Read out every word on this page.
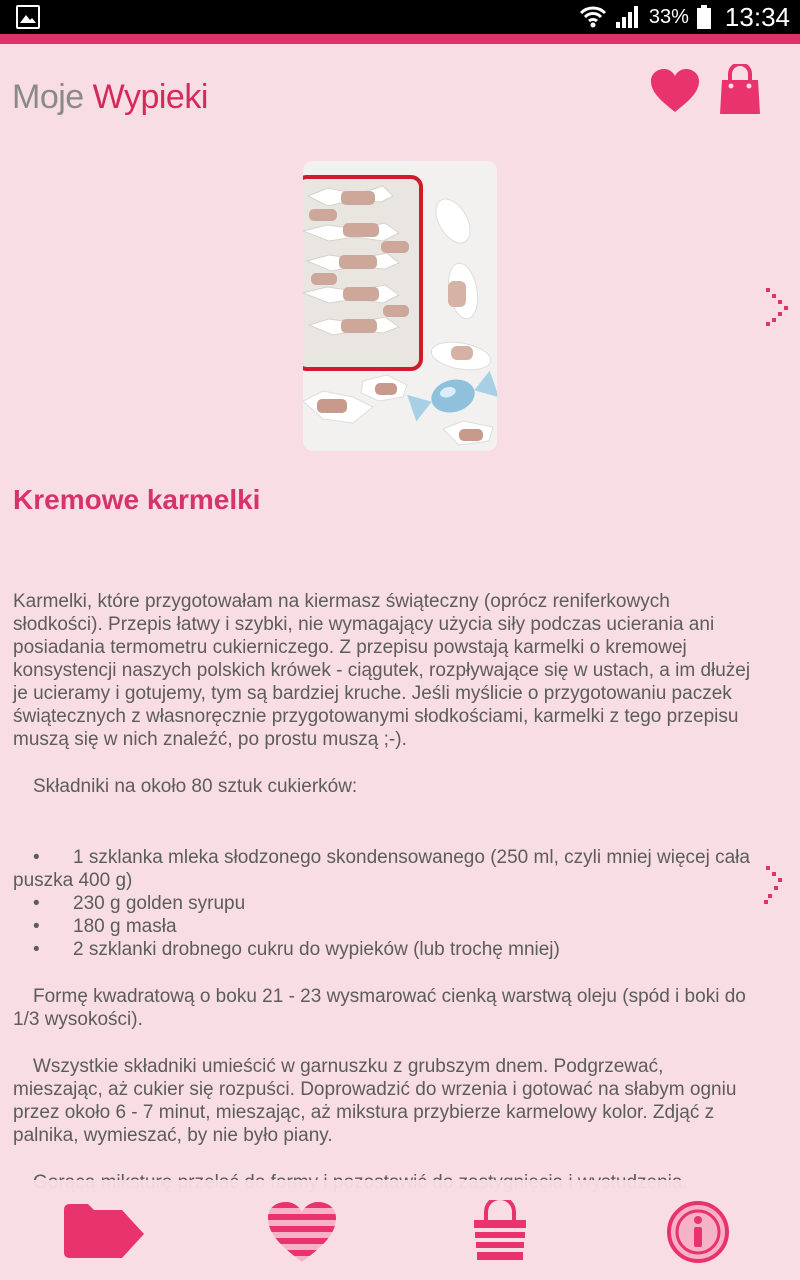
33% 13:34
Moje Wypieki
Kremowe karmelki

Karmelki, które przygotowałam na kiermasz świąteczny (oprócz reniferkowych słodkości). Przepis łatwy i szybki, nie wymagający użycia siły podczas ucierania ani posiadania termometru cukierniczego. Z przepisu powstają karmelki o kremowej konsystencji naszych polskich krówek - ciągutek, rozpływające się w ustach, a im dłużej je ucieramy i gotujemy, tym są bardziej kruche. Jeśli myślicie o przygotowaniu paczek świątecznych z własnoręcznie przygotowanymi słodkościami, karmelki z tego przepisu muszą się w nich znaleźć, po prostu muszą ;-).

Składniki na około 80 sztuk cukierków:

• 1 szklanka mleka słodzonego skondensowanego (250 ml, czyli mniej więcej cała puszka 400 g)
• 230 g golden syrupu
• 180 g masła
• 2 szklanki drobnego cukru do wypieków (lub trochę mniej)

Formę kwadratową o boku 21 - 23 wysmarować cienką warstwą oleju (spód i boki do 1/3 wysokości).

Wszystkie składniki umieścić w garnuszku z grubszym dnem. Podgrzewać, mieszając, aż cukier się rozpuści. Doprowadzić do wrzenia i gotować na słabym ogniu przez około 6 - 7 minut, mieszając, aż mikstura przybierze karmelowy kolor. Zdjąć z palnika, wymieszać, by nie było piany.
